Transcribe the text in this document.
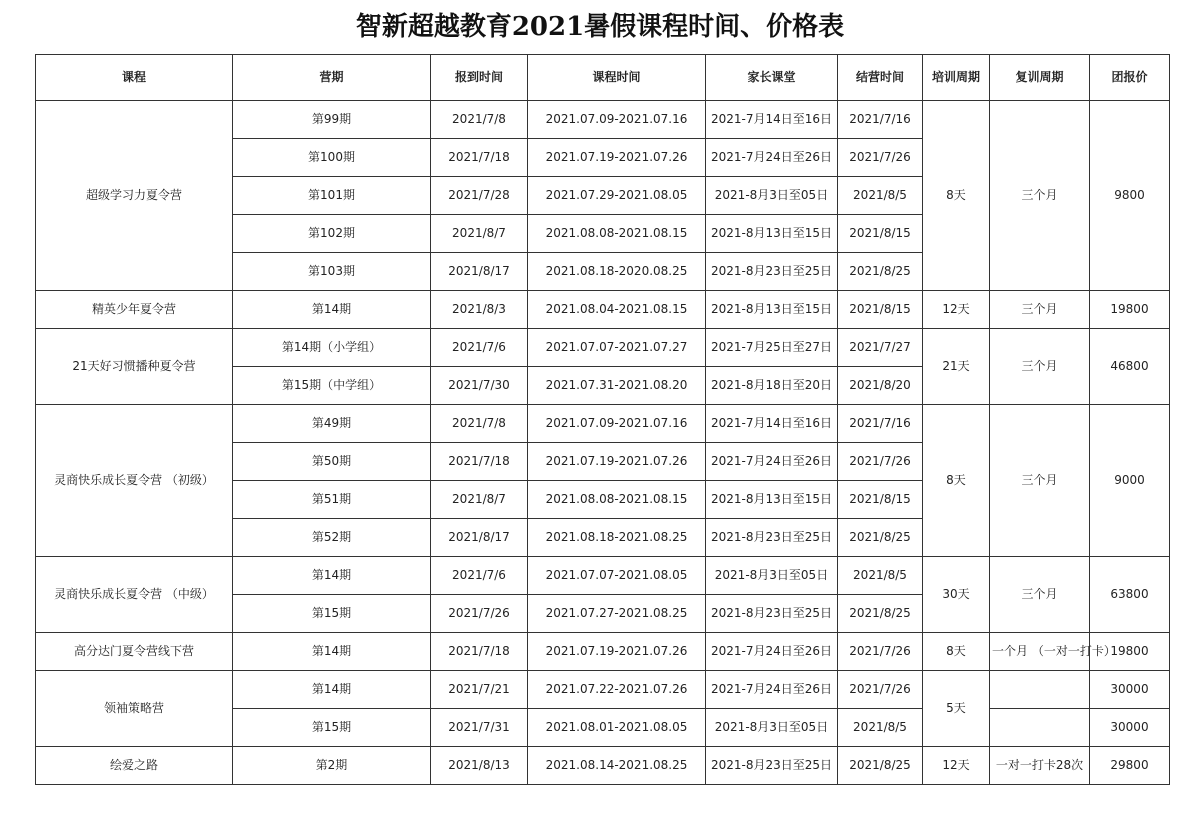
智新超越教育2021暑假课程时间、价格表
课程	营期	报到时间	课程时间	家长课堂	结营时间	培训周期	复训周期	团报价
超级学习力夏令营	第99期	2021/7/8	2021.07.09-2021.07.16	2021-7月14日至16日	2021/7/16	8天	三个月	9800
	第100期	2021/7/18	2021.07.19-2021.07.26	2021-7月24日至26日	2021/7/26			
	第101期	2021/7/28	2021.07.29-2021.08.05	2021-8月3日至05日	2021/8/5			
	第102期	2021/8/7	2021.08.08-2021.08.15	2021-8月13日至15日	2021/8/15			
	第103期	2021/8/17	2021.08.18-2020.08.25	2021-8月23日至25日	2021/8/25			
精英少年夏令营	第14期	2021/8/3	2021.08.04-2021.08.15	2021-8月13日至15日	2021/8/15	12天	三个月	19800
21天好习惯播种夏令营	第14期（小学组）	2021/7/6	2021.07.07-2021.07.27	2021-7月25日至27日	2021/7/27	21天	三个月	46800
	第15期（中学组）	2021/7/30	2021.07.31-2021.08.20	2021-8月18日至20日	2021/8/20			
灵商快乐成长夏令营 （初级）	第49期	2021/7/8	2021.07.09-2021.07.16	2021-7月14日至16日	2021/7/16	8天	三个月	9000
	第50期	2021/7/18	2021.07.19-2021.07.26	2021-7月24日至26日	2021/7/26			
	第51期	2021/8/7	2021.08.08-2021.08.15	2021-8月13日至15日	2021/8/15			
	第52期	2021/8/17	2021.08.18-2021.08.25	2021-8月23日至25日	2021/8/25			
灵商快乐成长夏令营 （中级）	第14期	2021/7/6	2021.07.07-2021.08.05	2021-8月3日至05日	2021/8/5	30天	三个月	63800
	第15期	2021/7/26	2021.07.27-2021.08.25	2021-8月23日至25日	2021/8/25			
高分达门夏令营线下营	第14期	2021/7/18	2021.07.19-2021.07.26	2021-7月24日至26日	2021/7/26	8天	一个月 （一对一打卡）	19800
领袖策略营	第14期	2021/7/21	2021.07.22-2021.07.26	2021-7月24日至26日	2021/7/26	5天		30000
	第15期	2021/7/31	2021.08.01-2021.08.05	2021-8月3日至05日	2021/8/5			30000
绘爱之路	第2期	2021/8/13	2021.08.14-2021.08.25	2021-8月23日至25日	2021/8/25	12天	一对一打卡28次	29800
